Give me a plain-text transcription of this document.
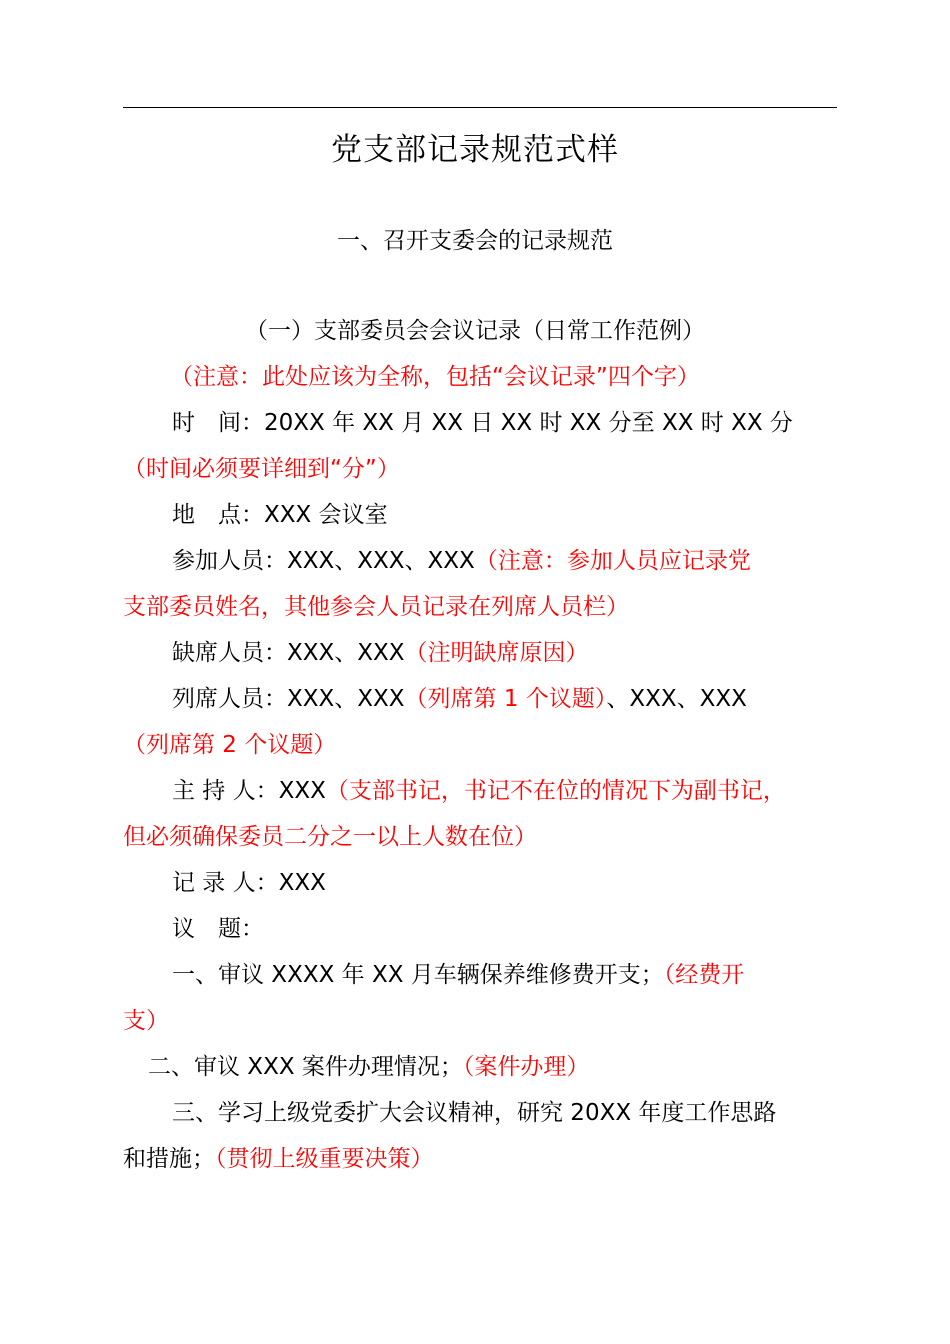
党支部记录规范式样
一、召开支委会的记录规范
（一）支部委员会会议记录（日常工作范例）
（注意：此处应该为全称，包括“会议记录”四个字）
时　间：20XX 年 XX 月 XX 日 XX 时 XX 分至 XX 时 XX 分
（时间必须要详细到“分”）
地　点：XXX 会议室
参加人员：XXX、XXX、XXX（注意：参加人员应记录党
支部委员姓名，其他参会人员记录在列席人员栏）
缺席人员：XXX、XXX（注明缺席原因）
列席人员：XXX、XXX（列席第 1 个议题）、XXX、XXX
（列席第 2 个议题）
主 持 人：XXX（支部书记，书记不在位的情况下为副书记，
但必须确保委员二分之一以上人数在位）
记 录 人：XXX
议　题：
一、审议 XXXX 年 XX 月车辆保养维修费开支；（经费开
支）
二、审议 XXX 案件办理情况；（案件办理）
三、学习上级党委扩大会议精神，研究 20XX 年度工作思路
和措施；（贯彻上级重要决策）
